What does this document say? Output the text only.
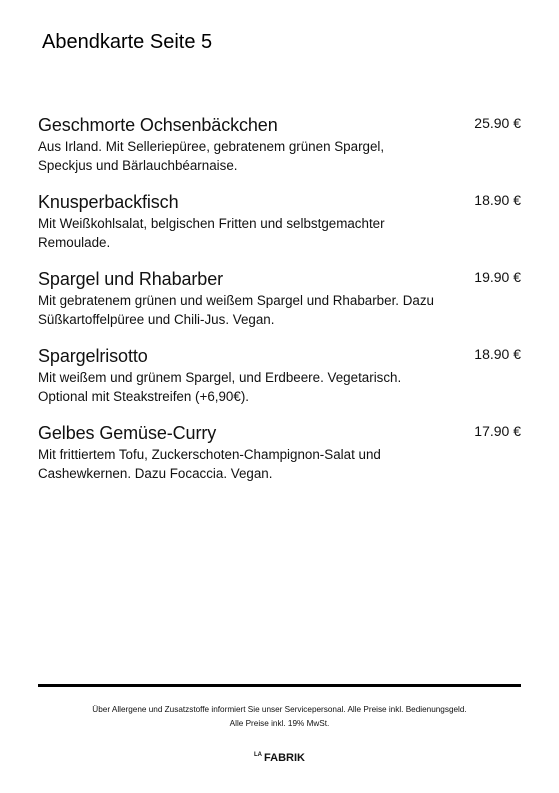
Abendkarte Seite 5
Geschmorte Ochsenbäckchen	25.90 €
Aus Irland. Mit Selleriepüree, gebratenem grünen Spargel, Speckjus und Bärlauchbéarnaise.
Knusperbackfisch	18.90 €
Mit Weißkohlsalat, belgischen Fritten und selbstgemachter Remoulade.
Spargel und Rhabarber	19.90 €
Mit gebratenem grünen und weißem Spargel und Rhabarber. Dazu Süßkartoffelpüree und Chili-Jus. Vegan.
Spargelrisotto	18.90 €
Mit weißem und grünem Spargel, und Erdbeere. Vegetarisch. Optional mit Steakstreifen (+6,90€).
Gelbes Gemüse-Curry	17.90 €
Mit frittiertem Tofu, Zuckerschoten-Champignon-Salat und Cashewkernen. Dazu Focaccia. Vegan.
Über Allergene und Zusatzstoffe informiert Sie unser Servicepersonal. Alle Preise inkl. Bedienungsgeld.
Alle Preise inkl. 19% MwSt.
$^{LA}$ FABRIK
